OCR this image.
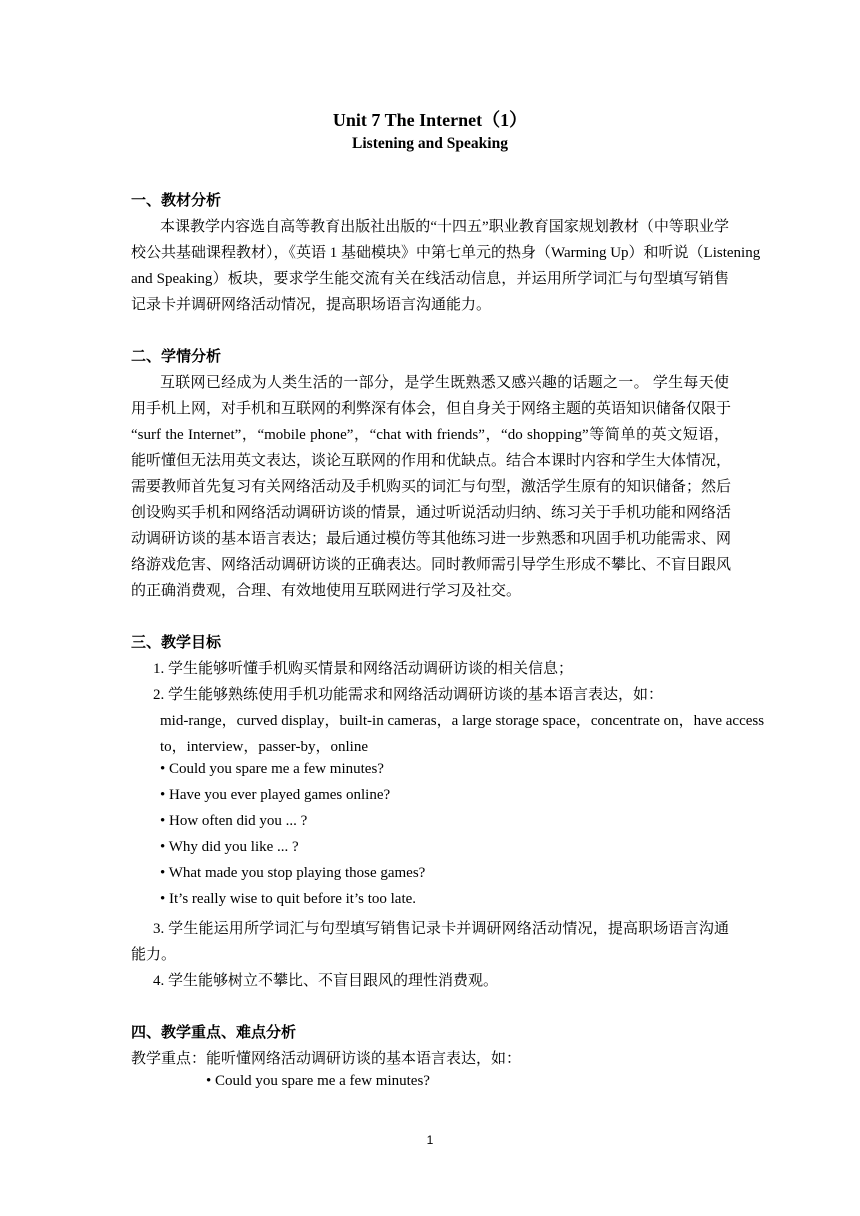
Unit 7 The Internet（1）
Listening and Speaking
一、教材分析
本课教学内容选自高等教育出版社出版的“十四五”职业教育国家规划教材（中等职业学
校公共基础课程教材），《英语 1 基础模块》中第七单元的热身（Warming Up）和听说（Listening
and Speaking）板块，要求学生能交流有关在线活动信息，并运用所学词汇与句型填写销售
记录卡并调研网络活动情况，提高职场语言沟通能力。
二、学情分析
互联网已经成为人类生活的一部分，是学生既熟悉又感兴趣的话题之一。 学生每天使
用手机上网，对手机和互联网的利弊深有体会，但自身关于网络主题的英语知识储备仅限于
“surf the Internet”，“mobile phone”，“chat with friends”，“do shopping”等简单的英文短语，
能听懂但无法用英文表达，谈论互联网的作用和优缺点。结合本课时内容和学生大体情况，
需要教师首先复习有关网络活动及手机购买的词汇与句型，激活学生原有的知识储备；然后
创设购买手机和网络活动调研访谈的情景，通过听说活动归纳、练习关于手机功能和网络活
动调研访谈的基本语言表达；最后通过模仿等其他练习进一步熟悉和巩固手机功能需求、网
络游戏危害、网络活动调研访谈的正确表达。同时教师需引导学生形成不攀比、不盲目跟风
的正确消费观，合理、有效地使用互联网进行学习及社交。
三、教学目标
1. 学生能够听懂手机购买情景和网络活动调研访谈的相关信息；
2. 学生能够熟练使用手机功能需求和网络活动调研访谈的基本语言表达，如：
mid-range，curved display，built-in cameras，a large storage space，concentrate on，have access
to，interview，passer-by，online
• Could you spare me a few minutes?
• Have you ever played games online?
• How often did you ... ?
• Why did you like ... ?
• What made you stop playing those games?
• It’s really wise to quit before it’s too late.
3. 学生能运用所学词汇与句型填写销售记录卡并调研网络活动情况，提高职场语言沟通
能力。
4. 学生能够树立不攀比、不盲目跟风的理性消费观。
四、教学重点、难点分析
教学重点：能听懂网络活动调研访谈的基本语言表达，如：
• Could you spare me a few minutes?
1
